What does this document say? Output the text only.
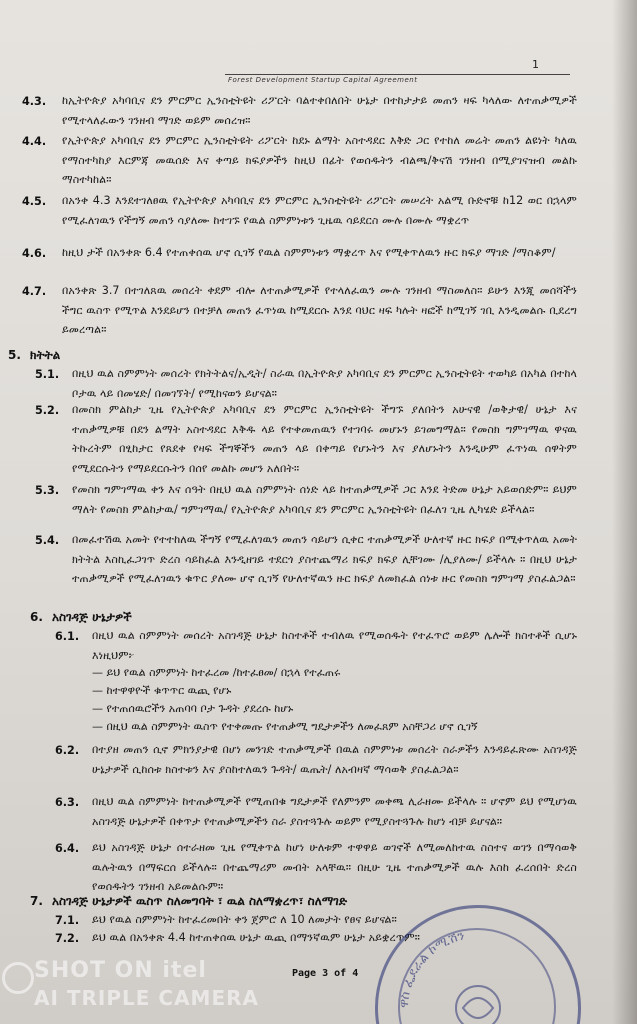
1
Forest Development Startup Capital Agreement
4.3. ከኢትዮጵያ አካባቢና ደን ምርምር ኢንስቲትዩት ሪፖርት ባልተቀበለበት ሁኔታ በተከታታይ መጠን ዛፍ ካላለው ለተጠቃሚዎች የሚተላለፈውን ገንዘብ ማገድ ወይም መሰረዝ።
4.4. የኢትዮጵያ አካባቢና ደን ምርምር ኢንስቲትዩት ሪፖርት ከደኑ ልማት አስተዳደር እቅድ ጋር የተከለ መሬት መጠን ልዩነት ካለዉ የማስተካከያ እርምጃ መዉሰድ እና ቀጣይ ክፍያዎችን ከዚህ በፊት የወሰዱትን ብልጫ/ቅናሽ ገንዘብ በሚያገናዝብ መልኩ ማስተካከል።
4.5. በአንቀ 4.3 እንደተገለፀዉ የኢትዮጵያ አካባቢና ደን ምርምር ኢንስቲትዩት ሪፖርት መሠረት አልሚ ቡድኖቹ ከ12 ወር በኋላም የሚፈለገዉን የችግኝ መጠን ሳያለሙ ከተገኙ የዉል ስምምነቱን ጊዜዉ ሳይደርስ ሙሉ በሙሉ ማቋረጥ
4.6. ከዚህ ታች በአንቀጽ 6.4 የተጠቀሰዉ ሆኖ ሲገኝ የዉል ስምምነቱን ማቋረጥ እና የሚቀጥለዉን ዙር ክፍያ ማገድ /ማስቆም/
4.7. በአንቀጽ 3.7 በተገለጸዉ መሰረት ቀደም ብሎ ለተጠቃሚዎች የተላለፈዉን ሙሉ ገንዘብ ማስመለስ። ይሁን እንጂ መሰሻችን ችግር ዉስጥ የሚጥል እንደይሆን በተቻለ መጠን ፈጥነዉ ከሚደርሱ እንደ ባህር ዛፍ ካሉት ዛፎች ከሚገኝ ገቢ እንዲመልሱ ቢደረግ ይመረጣል።
5. ክትትል
5.1. በዚህ ዉል ስምምነት መሰረት የክትትልና/ኢዲት/ ስራዉ በኢትዮጵያ አካባቢና ደን ምርምር ኢንስቲትዩት ተወካይ በአካል በተከላ ቦታዉ ላይ በመሄድ/ በመገኘት/ የሚከናወን ይሆናል።
5.2. በመስክ ምልከታ ጊዜ የኢትዮጵያ አካባቢና ደን ምርምር ኢንስቲትዩት ችግኙ ያለበትን አሁናዊ /ወቅታዊ/ ሁኔታ እና ተጠቃሚዎቹ በደን ልማት አስተዳደር እቅዱ ላይ የተቀመጠዉን የተገባሩ መሆኑን ይገመግማል። የመስክ ግምገማዉ ዋናዉ ትኩረትም በፂከታር የጸደቀ የዛፍ ችግኞችን መጠን ላይ በቀጣይ የሆኑትን እና ያለሆኑትን እንዲሁም ፈጥነዉ ሰዋትም የሚደርሱትን የማይደርሱትን በሰየ መልኩ መሆን አለበት።
5.3. የመስክ ግምገማዉ ቀን እና ሰዓት በዚህ ዉል ስምምነት ሰነድ ላይ ከተጠቃሚዎች ጋር እንደ ትድመ ሁኔታ አይወሰድም። ይህም ማለት የመስክ ምልከታዉ/ ግምገማዉ/ የኢትዮጵያ አካባቢና ደን ምርምር ኢንስቲትዩት በፈለገ ጊዜ ሊካሄድ ይችላል።
5.4. በመፈተሽዉ አመት የተተከለዉ ችግኝ የሚፈለገዉን መጠን ሳይሆን ሲቀር ተጠቃሚዎች ሁለተኛ ዙር ክፍያ በሚቀጥለዉ አመት ክትትል እስኪፈጋገጥ ድረስ ሳይከፈል እንዲዘገይ ተደርጎ ያስተጨማሪ ክፍያ ክፍያ ሊቸገሙ /ሊያለሙ/ ይችላሉ ። በዚህ ሁኔታ ተጠቃሚዎች የሚፈለገዉን ቁጥር ያለሙ ሆኖ ሲገኝ የሁለተኛዉን ዙር ክፍያ ለመክፈል ሰነቱ ዙር የመስክ ግምገማ ያስፈልጋል።
6. አስገዳጅ ሁኔታዎች
6.1. በዚህ ዉል ስምምነት መሰረት አስገዳጅ ሁኔታ ከስተቶች ተብለዉ የሚወሰዱት የተፈጥሮ ወይም ሌሎች ክስተቶች ሲሆኑ እነዚህም፦
— ይህ የዉል ስምምነት ከተፈረመ /ከተፈፀመ/ በኋላ የተፈጠሩ
— ከተዋዋዮች ቁጥጥር ዉጪ የሆኑ
— የተጠሰዉሮችን አጠባባ ቦታ ጉዳት ያደረሱ ከሆኑ
— በዚህ ዉል ስምምነት ዉስጥ የተቀመጡ የተጠቃሚ ግዴታዎችን ለመፈጸም አስቸጋሪ ሆኖ ሲገኝ
6.2. በተያዘ መጠን ሲኖ ምክንያታዊ በሆነ መንገድ ተጠቃሚዎች በዉል ስምምነቱ መሰረት ስራዎችን እንዳይፈጽሙ አስገዳጅ ሁኔታዎች ሲከሰቱ ክስተቱን እና ያስከተለዉን ጉዳት/ ዉጤት/ ለአብዛኛ ማሳወቅ ያስፈልጋል።
6.3. በዚህ ዉል ስምምነት ከተጠቃሚዎች የሚጠበቁ ግዴታዎች የለምንም መቀጫ ሊራዘሙ ይችላሉ ። ሆኖም ይህ የሚሆነዉ አስገዳጅ ሁኔታዎች በቀጥታ የተጠቃሚዎችን ስራ ያስተጓጉሉ ወይም የሚያስተጓጉሉ ከሆነ ብቻ ይሆናል።
6.4. ይህ አስገዳጅ ሁኔታ ሰተራዘመ ጊዜ የሚቀጥል ከሆነ ሁለቱም ተዋዋይ ወገኖች ለሚመለከተዉ ስስተና ወገን በማሳወቅ ዉሉትዉን በማፍርሰ ይችላሉ። በተጨማሪም መብት አላቸዉ። በዚሁ ጊዜ ተጠቃሚዎች ዉሉ እስከ ፈረሰበት ድረስ የወሰዱትን ገንዘብ አይመልሱም።
7. አስገዳጅ ሁኔታዎች ዉስጥ ስለመግባት ፣ ዉል ስለማቋረጥ፣ ስለማገድ
7.1. ይህ የዉል ስምምነት ከተፈረመበት ቀን ጀምሮ ለ 10 ለመታት የፀና ይሆናል።
7.2. ይህ ዉል በአንቀጽ 4.4 ከተጠቀሰዉ ሁኔታ ዉጪ በማንኛዉም ሁኔታ አይቋረጥም።
Page 3 of 4
ዋስ ፌደራል ኮሚሽን
SHOT ON itel
AI TRIPLE CAMERA
